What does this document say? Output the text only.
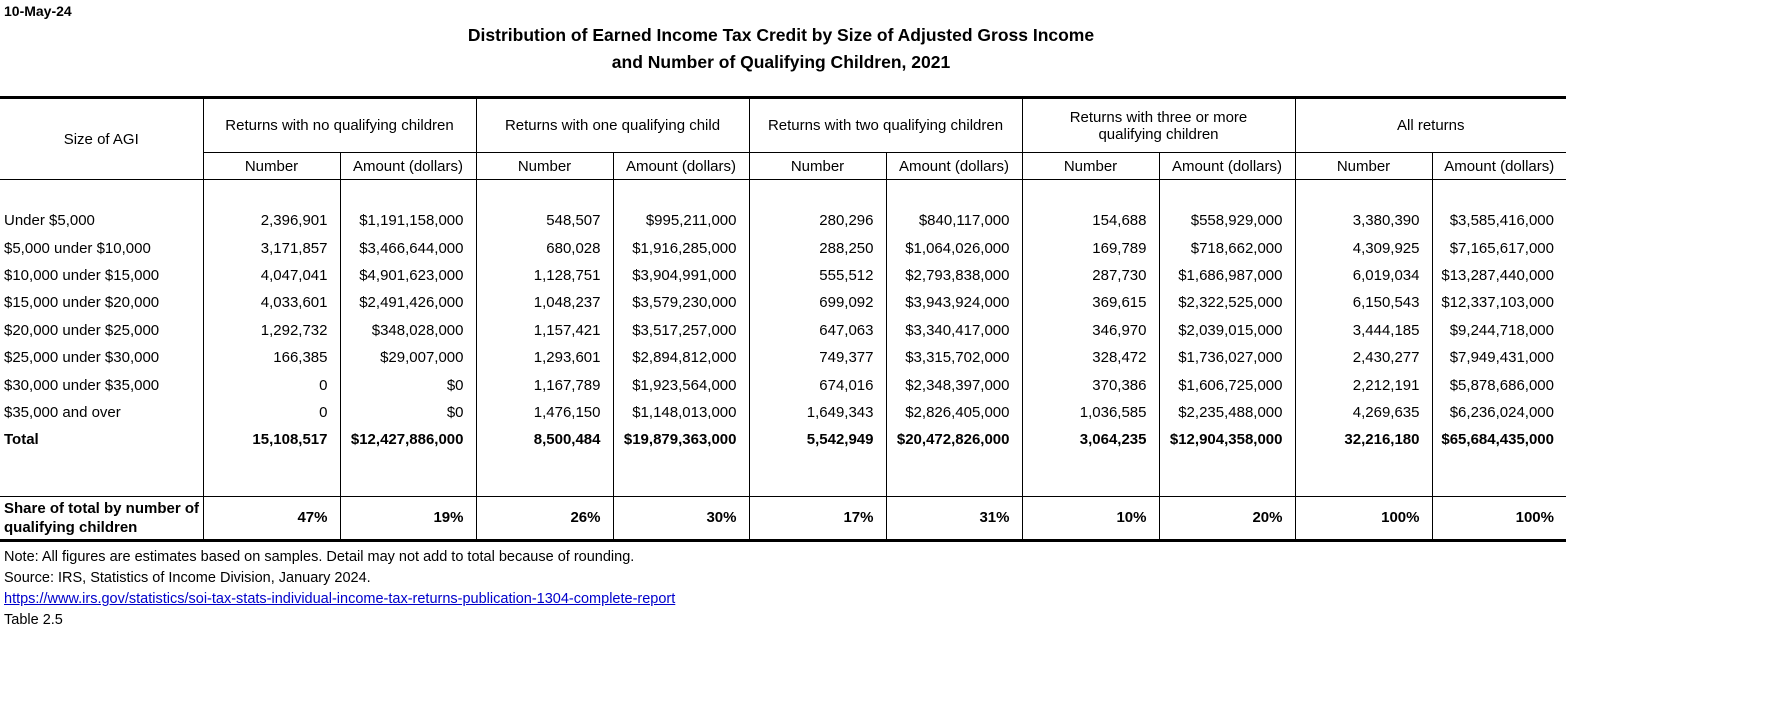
10-May-24
Distribution of Earned Income Tax Credit by Size of Adjusted Gross Income
and Number of Qualifying Children, 2021

Size of AGI	Returns with no qualifying children		Returns with one qualifying child		Returns with two qualifying children		Returns with three or more qualifying children		All returns	
	Number	Amount (dollars)	Number	Amount (dollars)	Number	Amount (dollars)	Number	Amount (dollars)	Number	Amount (dollars)

Under $5,000	2,396,901	$1,191,158,000	548,507	$995,211,000	280,296	$840,117,000	154,688	$558,929,000	3,380,390	$3,585,416,000
$5,000 under $10,000	3,171,857	$3,466,644,000	680,028	$1,916,285,000	288,250	$1,064,026,000	169,789	$718,662,000	4,309,925	$7,165,617,000
$10,000 under $15,000	4,047,041	$4,901,623,000	1,128,751	$3,904,991,000	555,512	$2,793,838,000	287,730	$1,686,987,000	6,019,034	$13,287,440,000
$15,000 under $20,000	4,033,601	$2,491,426,000	1,048,237	$3,579,230,000	699,092	$3,943,924,000	369,615	$2,322,525,000	6,150,543	$12,337,103,000
$20,000 under $25,000	1,292,732	$348,028,000	1,157,421	$3,517,257,000	647,063	$3,340,417,000	346,970	$2,039,015,000	3,444,185	$9,244,718,000
$25,000 under $30,000	166,385	$29,007,000	1,293,601	$2,894,812,000	749,377	$3,315,702,000	328,472	$1,736,027,000	2,430,277	$7,949,431,000
$30,000 under $35,000	0	$0	1,167,789	$1,923,564,000	674,016	$2,348,397,000	370,386	$1,606,725,000	2,212,191	$5,878,686,000
$35,000 and over	0	$0	1,476,150	$1,148,013,000	1,649,343	$2,826,405,000	1,036,585	$2,235,488,000	4,269,635	$6,236,024,000
Total	15,108,517	$12,427,886,000	8,500,484	$19,879,363,000	5,542,949	$20,472,826,000	3,064,235	$12,904,358,000	32,216,180	$65,684,435,000

Share of total by number of qualifying children	47%	19%	26%	30%	17%	31%	10%	20%	100%	100%

Note: All figures are estimates based on samples. Detail may not add to total because of rounding.
Source: IRS, Statistics of Income Division, January 2024.
https://www.irs.gov/statistics/soi-tax-stats-individual-income-tax-returns-publication-1304-complete-report
Table 2.5
